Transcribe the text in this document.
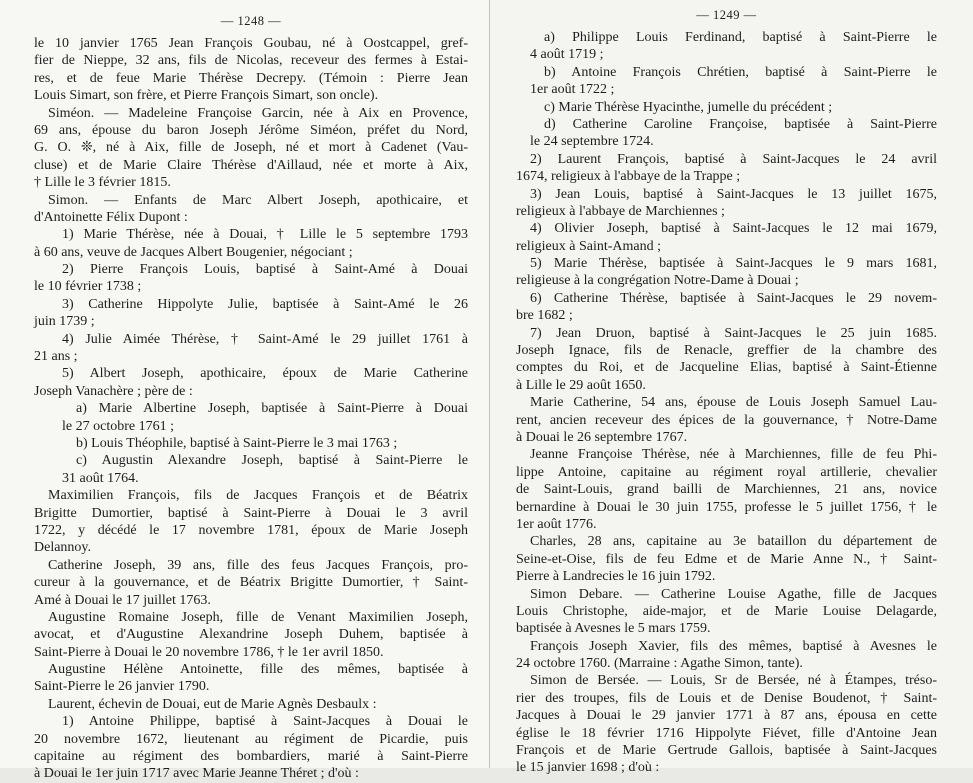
— 1248 —
le 10 janvier 1765 Jean François Goubau, né à Oostcappel, gref-
fier de Nieppe, 32 ans, fils de Nicolas, receveur des fermes à Estai-
res, et de feue Marie Thérèse Decrepy. (Témoin : Pierre Jean
Louis Simart, son frère, et Pierre François Simart, son oncle).
Siméon. — Madeleine Françoise Garcin, née à Aix en Provence,
69 ans, épouse du baron Joseph Jérôme Siméon, préfet du Nord,
G. O. ❊, né à Aix, fille de Joseph, né et mort à Cadenet (Vau-
cluse) et de Marie Claire Thérèse d'Aillaud, née et morte à Aix,
† Lille le 3 février 1815.
Simon. — Enfants de Marc Albert Joseph, apothicaire, et
d'Antoinette Félix Dupont :
1) Marie Thérèse, née à Douai, † Lille le 5 septembre 1793
à 60 ans, veuve de Jacques Albert Bougenier, négociant ;
2) Pierre François Louis, baptisé à Saint-Amé à Douai
le 10 février 1738 ;
3) Catherine Hippolyte Julie, baptisée à Saint-Amé le 26
juin 1739 ;
4) Julie Aimée Thérèse, † Saint-Amé le 29 juillet 1761 à
21 ans ;
5) Albert Joseph, apothicaire, époux de Marie Catherine
Joseph Vanachère ; père de :
a) Marie Albertine Joseph, baptisée à Saint-Pierre à Douai
le 27 octobre 1761 ;
b) Louis Théophile, baptisé à Saint-Pierre le 3 mai 1763 ;
c) Augustin Alexandre Joseph, baptisé à Saint-Pierre le
31 août 1764.
Maximilien François, fils de Jacques François et de Béatrix
Brigitte Dumortier, baptisé à Saint-Pierre à Douai le 3 avril
1722, y décédé le 17 novembre 1781, époux de Marie Joseph
Delannoy.
Catherine Joseph, 39 ans, fille des feus Jacques François, pro-
cureur à la gouvernance, et de Béatrix Brigitte Dumortier, † Saint-
Amé à Douai le 17 juillet 1763.
Augustine Romaine Joseph, fille de Venant Maximilien Joseph,
avocat, et d'Augustine Alexandrine Joseph Duhem, baptisée à
Saint-Pierre à Douai le 20 novembre 1786, † le 1er avril 1850.
Augustine Hélène Antoinette, fille des mêmes, baptisée à
Saint-Pierre le 26 janvier 1790.
Laurent, échevin de Douai, eut de Marie Agnès Desbaulx :
1) Antoine Philippe, baptisé à Saint-Jacques à Douai le
20 novembre 1672, lieutenant au régiment de Picardie, puis
capitaine au régiment des bombardiers, marié à Saint-Pierre
à Douai le 1er juin 1717 avec Marie Jeanne Théret ; d'où :
— 1249 —
a) Philippe Louis Ferdinand, baptisé à Saint-Pierre le
4 août 1719 ;
b) Antoine François Chrétien, baptisé à Saint-Pierre le
1er août 1722 ;
c) Marie Thérèse Hyacinthe, jumelle du précédent ;
d) Catherine Caroline Françoise, baptisée à Saint-Pierre
le 24 septembre 1724.
2) Laurent François, baptisé à Saint-Jacques le 24 avril
1674, religieux à l'abbaye de la Trappe ;
3) Jean Louis, baptisé à Saint-Jacques le 13 juillet 1675,
religieux à l'abbaye de Marchiennes ;
4) Olivier Joseph, baptisé à Saint-Jacques le 12 mai 1679,
religieux à Saint-Amand ;
5) Marie Thérèse, baptisée à Saint-Jacques le 9 mars 1681,
religieuse à la congrégation Notre-Dame à Douai ;
6) Catherine Thérèse, baptisée à Saint-Jacques le 29 novem-
bre 1682 ;
7) Jean Druon, baptisé à Saint-Jacques le 25 juin 1685.
Joseph Ignace, fils de Renacle, greffier de la chambre des
comptes du Roi, et de Jacqueline Elias, baptisé à Saint-Étienne
à Lille le 29 août 1650.
Marie Catherine, 54 ans, épouse de Louis Joseph Samuel Lau-
rent, ancien receveur des épices de la gouvernance, † Notre-Dame
à Douai le 26 septembre 1767.
Jeanne Françoise Thérèse, née à Marchiennes, fille de feu Phi-
lippe Antoine, capitaine au régiment royal artillerie, chevalier
de Saint-Louis, grand bailli de Marchiennes, 21 ans, novice
bernardine à Douai le 30 juin 1755, professe le 5 juillet 1756, † le
1er août 1776.
Charles, 28 ans, capitaine au 3e bataillon du département de
Seine-et-Oise, fils de feu Edme et de Marie Anne N., † Saint-
Pierre à Landrecies le 16 juin 1792.
Simon Debare. — Catherine Louise Agathe, fille de Jacques
Louis Christophe, aide-major, et de Marie Louise Delagarde,
baptisée à Avesnes le 5 mars 1759.
François Joseph Xavier, fils des mêmes, baptisé à Avesnes le
24 octobre 1760. (Marraine : Agathe Simon, tante).
Simon de Bersée. — Louis, Sr de Bersée, né à Étampes, tréso-
rier des troupes, fils de Louis et de Denise Boudenot, † Saint-
Jacques à Douai le 29 janvier 1771 à 87 ans, épousa en cette
église le 18 février 1716 Hippolyte Fiévet, fille d'Antoine Jean
François et de Marie Gertrude Gallois, baptisée à Saint-Jacques
le 15 janvier 1698 ; d'où :
